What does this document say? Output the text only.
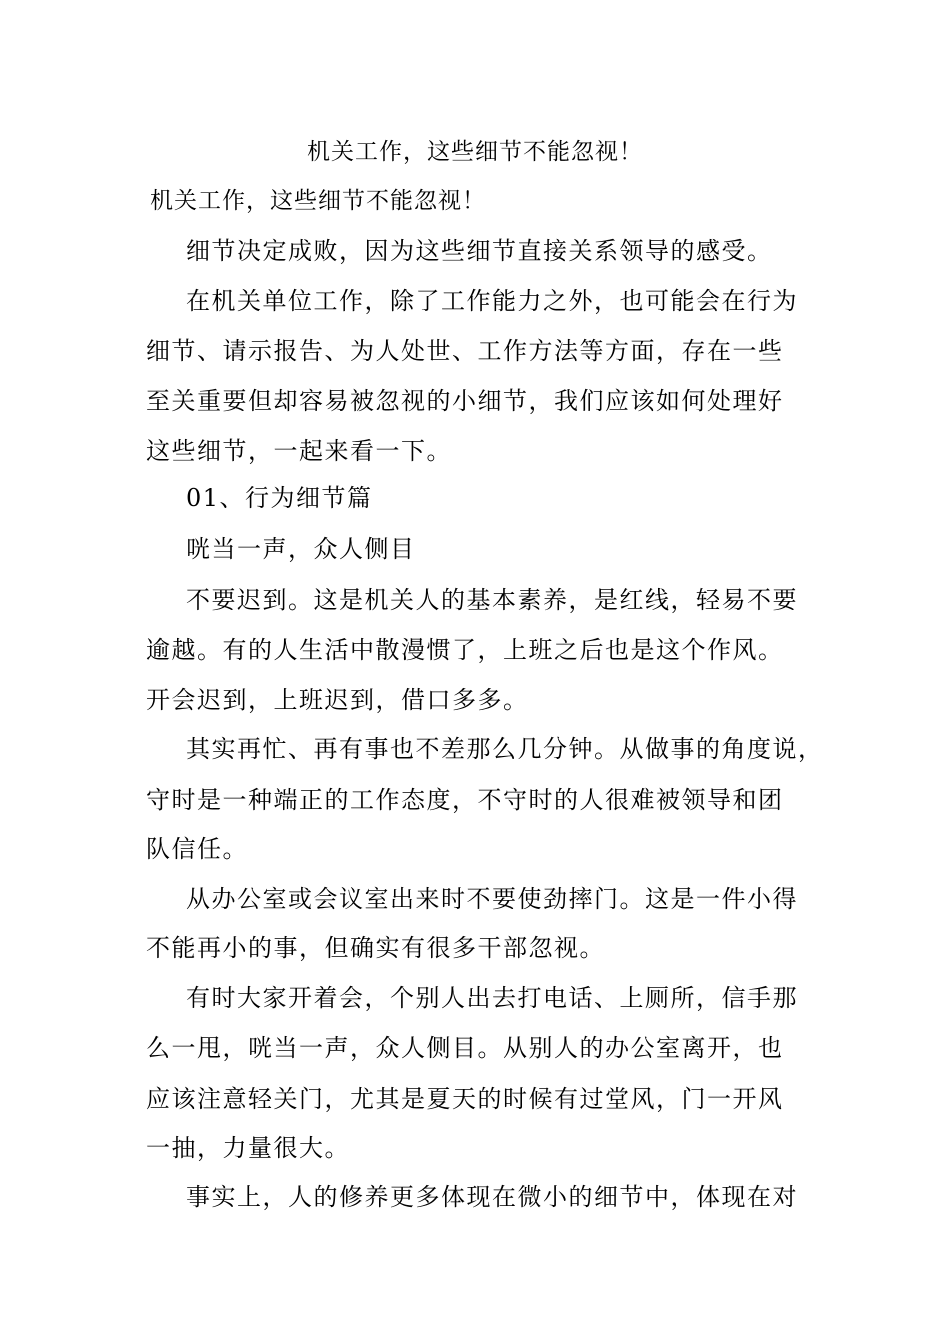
机关工作，这些细节不能忽视！
机关工作，这些细节不能忽视！
细节决定成败，因为这些细节直接关系领导的感受。
在机关单位工作，除了工作能力之外，也可能会在行为
细节、请示报告、为人处世、工作方法等方面，存在一些
至关重要但却容易被忽视的小细节，我们应该如何处理好
这些细节，一起来看一下。
01、行为细节篇
咣当一声，众人侧目
不要迟到。这是机关人的基本素养，是红线，轻易不要
逾越。有的人生活中散漫惯了，上班之后也是这个作风。
开会迟到，上班迟到，借口多多。
其实再忙、再有事也不差那么几分钟。从做事的角度说，
守时是一种端正的工作态度，不守时的人很难被领导和团
队信任。
从办公室或会议室出来时不要使劲摔门。这是一件小得
不能再小的事，但确实有很多干部忽视。
有时大家开着会，个别人出去打电话、上厕所，信手那
么一甩，咣当一声，众人侧目。从别人的办公室离开，也
应该注意轻关门，尤其是夏天的时候有过堂风，门一开风
一抽，力量很大。
事实上，人的修养更多体现在微小的细节中，体现在对
